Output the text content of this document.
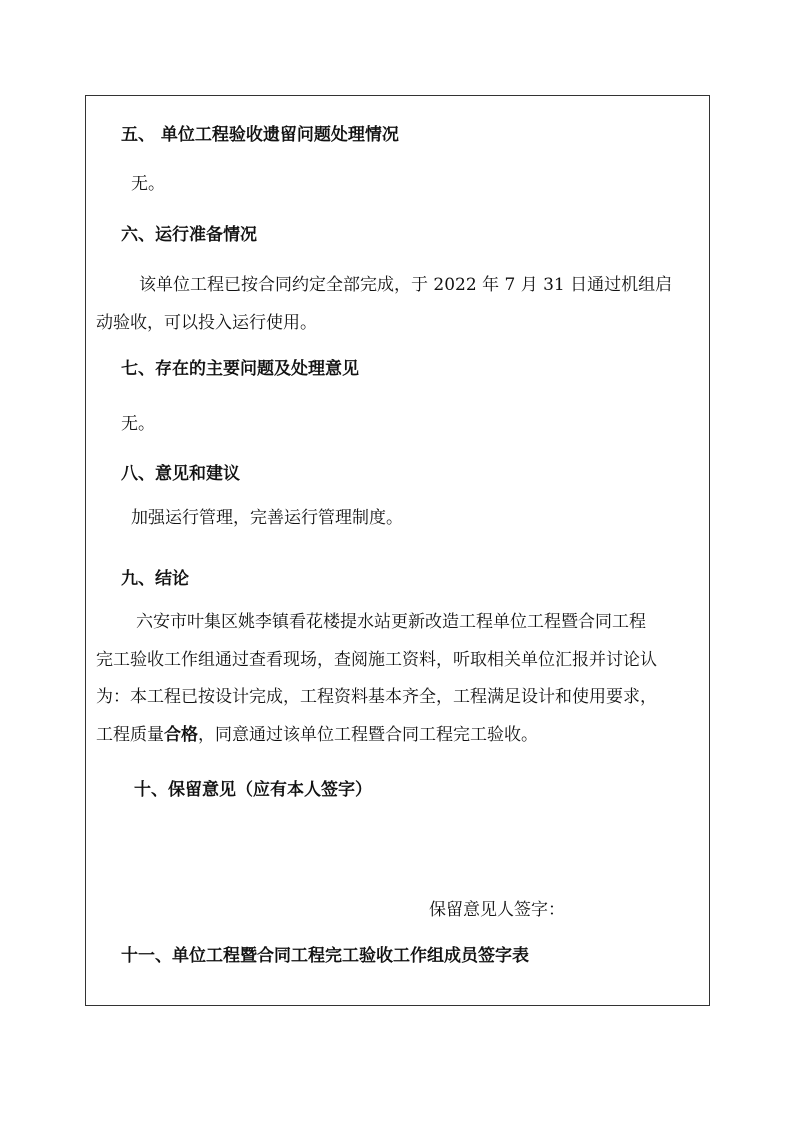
五、 单位工程验收遗留问题处理情况
无。
六、运行准备情况
该单位工程已按合同约定全部完成，于 2022 年 7 月 31 日通过机组启
动验收，可以投入运行使用。
七、存在的主要问题及处理意见
无。
八、意见和建议
加强运行管理，完善运行管理制度。
九、结论
六安市叶集区姚李镇看花楼提水站更新改造工程单位工程暨合同工程
完工验收工作组通过查看现场，查阅施工资料，听取相关单位汇报并讨论认
为：本工程已按设计完成，工程资料基本齐全，工程满足设计和使用要求，
工程质量合格，同意通过该单位工程暨合同工程完工验收。
十、保留意见（应有本人签字）
保留意见人签字：
十一、单位工程暨合同工程完工验收工作组成员签字表
